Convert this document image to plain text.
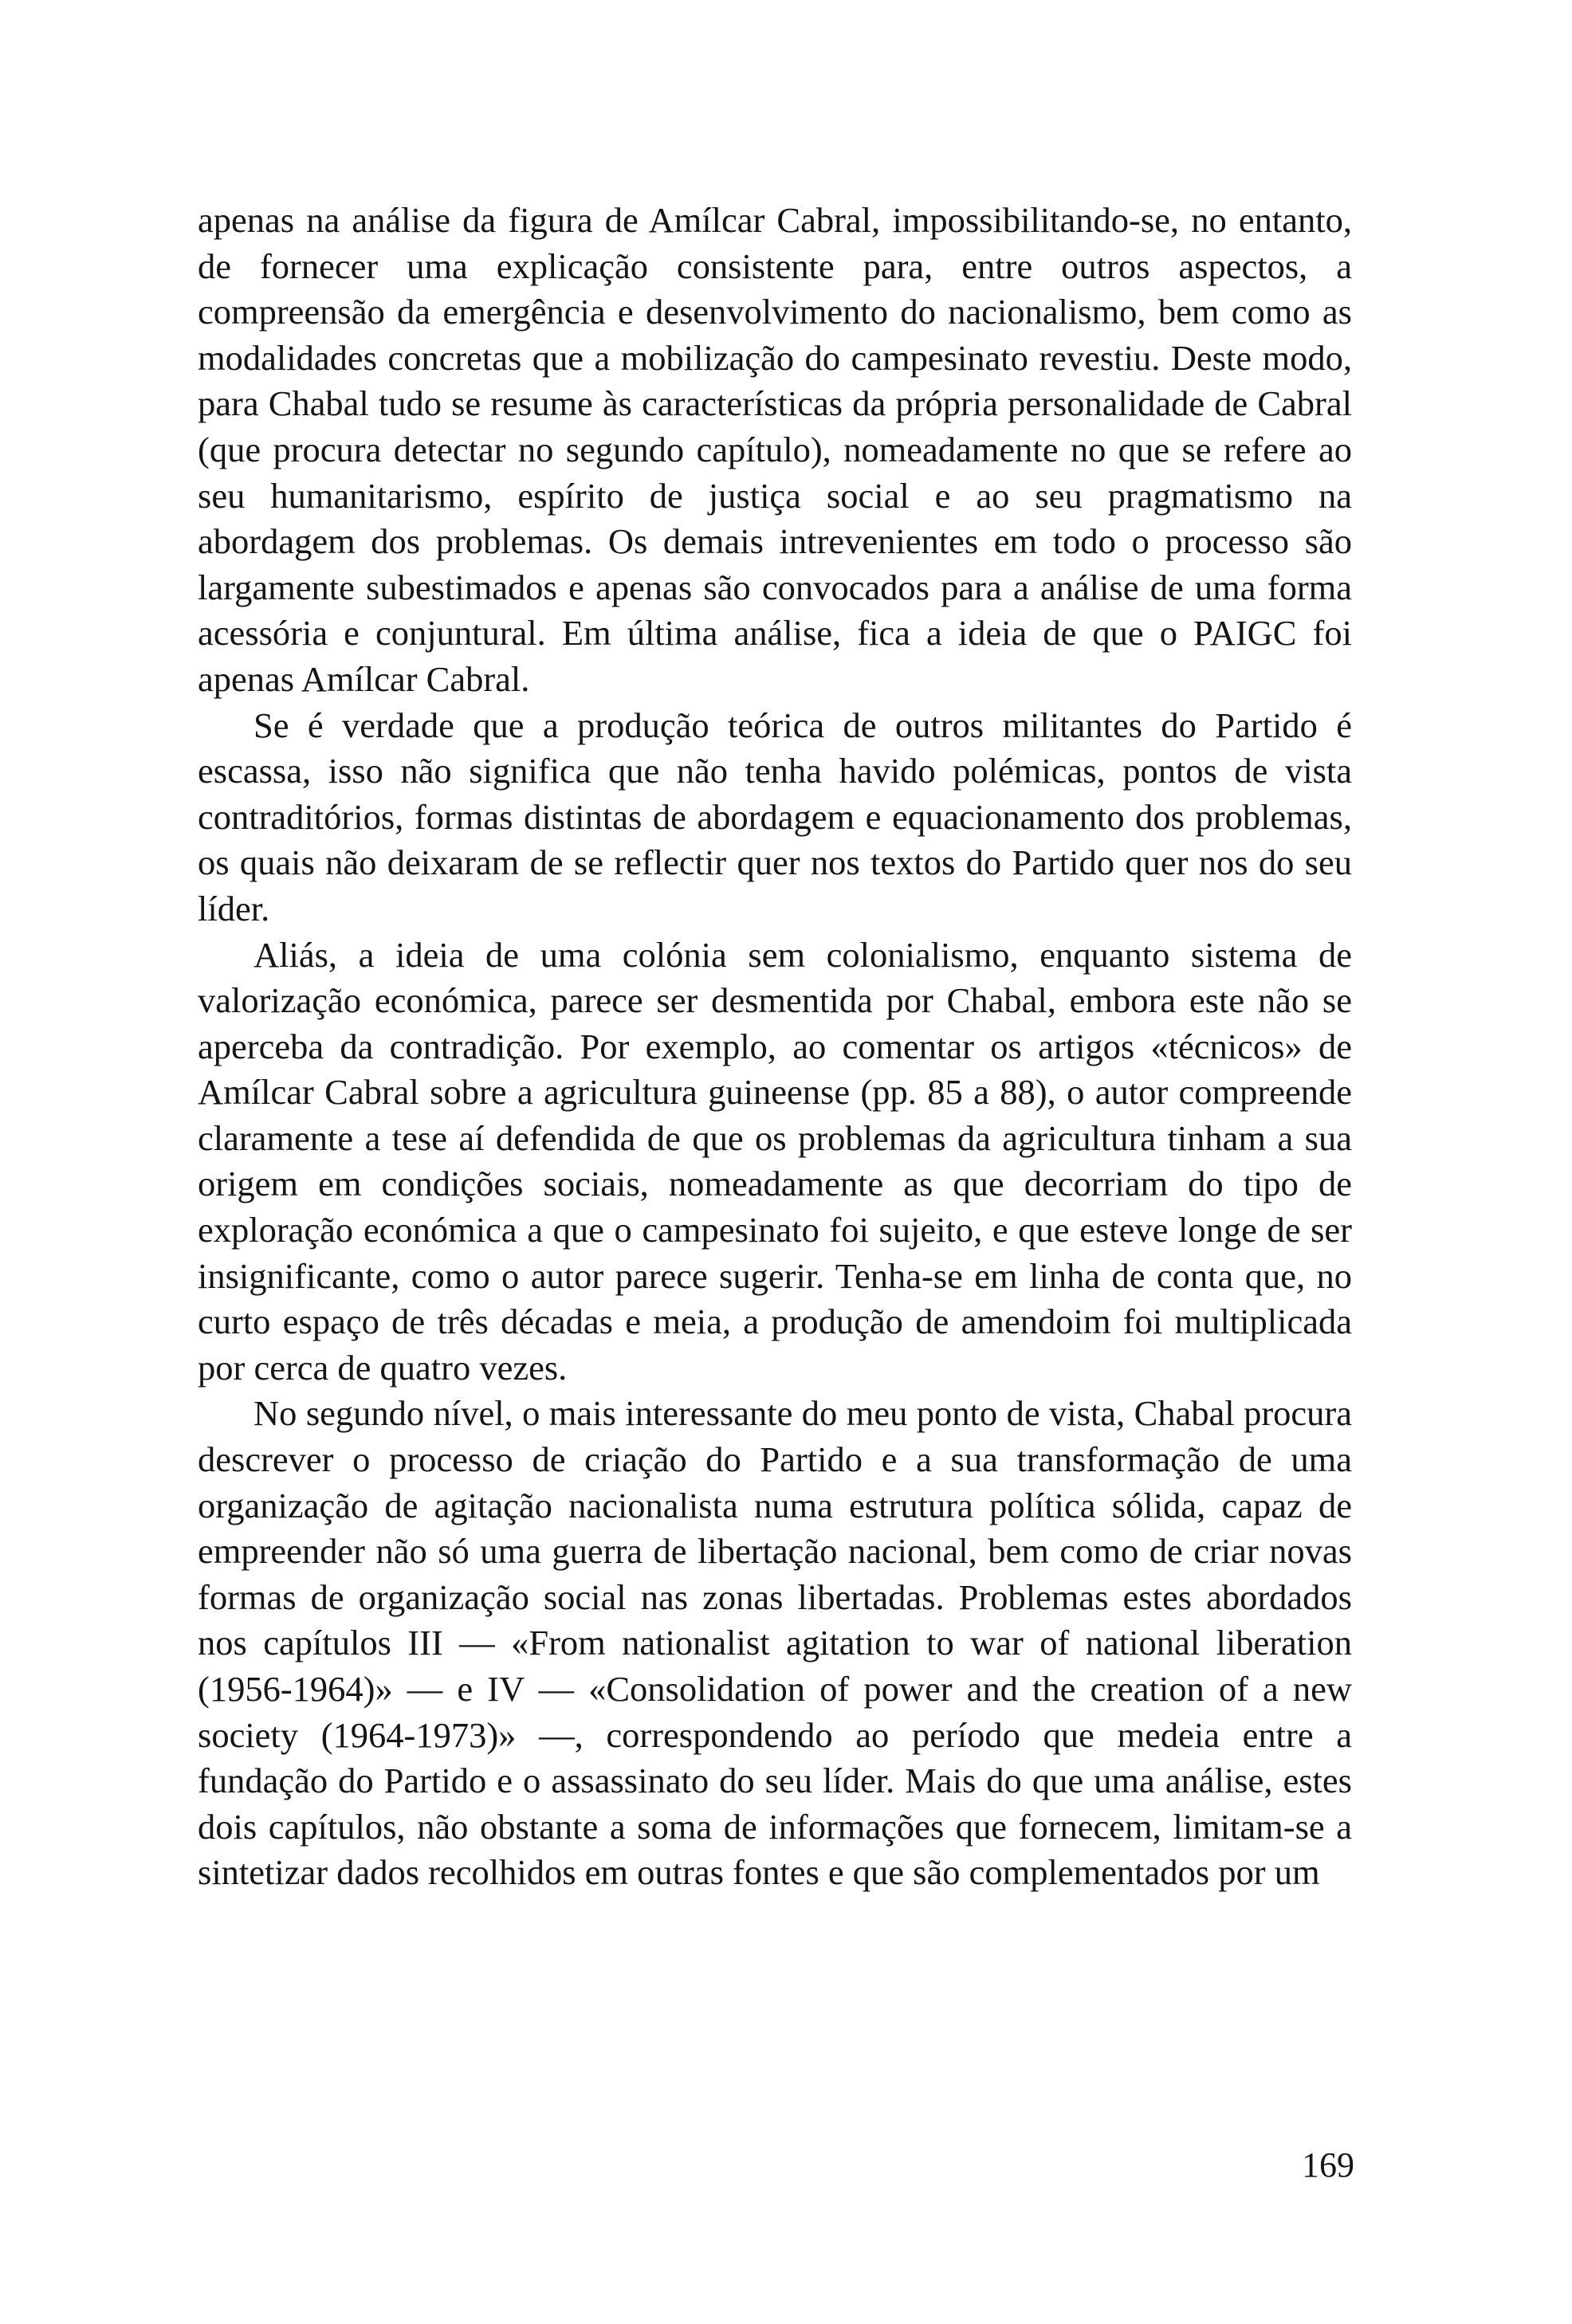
apenas na análise da figura de Amílcar Cabral, impossibilitando-se, no entanto, de fornecer uma explicação consistente para, entre outros aspectos, a compreensão da emergência e desenvolvimento do nacionalismo, bem como as modalidades concretas que a mobilização do campesinato revestiu. Deste modo, para Chabal tudo se resume às características da própria personalidade de Cabral (que procura detectar no segundo capítulo), nomeadamente no que se refere ao seu humanitarismo, espírito de justiça social e ao seu pragmatismo na abordagem dos problemas. Os demais intrevenientes em todo o processo são largamente subestimados e apenas são convocados para a análise de uma forma acessória e conjuntural. Em última análise, fica a ideia de que o PAIGC foi apenas Amílcar Cabral.

Se é verdade que a produção teórica de outros militantes do Partido é escassa, isso não significa que não tenha havido polémicas, pontos de vista contraditórios, formas distintas de abordagem e equacionamento dos problemas, os quais não deixaram de se reflectir quer nos textos do Partido quer nos do seu líder.

Aliás, a ideia de uma colónia sem colonialismo, enquanto sistema de valorização económica, parece ser desmentida por Chabal, embora este não se aperceba da contradição. Por exemplo, ao comentar os artigos «técnicos» de Amílcar Cabral sobre a agricultura guineense (pp. 85 a 88), o autor compreende claramente a tese aí defendida de que os problemas da agricultura tinham a sua origem em condições sociais, nomeadamente as que decorriam do tipo de exploração económica a que o campesinato foi sujeito, e que esteve longe de ser insignificante, como o autor parece sugerir. Tenha-se em linha de conta que, no curto espaço de três décadas e meia, a produção de amendoim foi multiplicada por cerca de quatro vezes.

No segundo nível, o mais interessante do meu ponto de vista, Chabal procura descrever o processo de criação do Partido e a sua transformação de uma organização de agitação nacionalista numa estrutura política sólida, capaz de empreender não só uma guerra de libertação nacional, bem como de criar novas formas de organização social nas zonas libertadas. Problemas estes abordados nos capítulos III — «From nationalist agitation to war of national liberation (1956-1964)» — e IV — «Consolidation of power and the creation of a new society (1964-1973)» —, correspondendo ao período que medeia entre a fundação do Partido e o assassinato do seu líder. Mais do que uma análise, estes dois capítulos, não obstante a soma de informações que fornecem, limitam-se a sintetizar dados recolhidos em outras fontes e que são complementados por um

169
